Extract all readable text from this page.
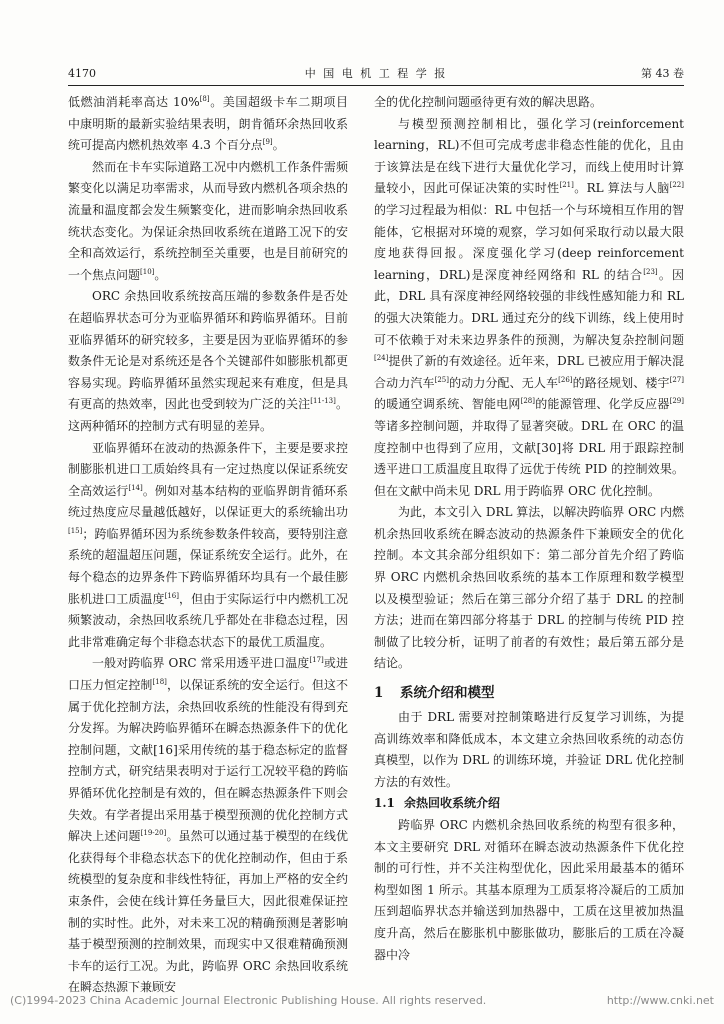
4170	中 国 电 机 工 程 学 报	第 43 卷

低燃油消耗率高达 10%[8]。美国超级卡车二期项目中康明斯的最新实验结果表明，朗肯循环余热回收系统可提高内燃机热效率 4.3 个百分点[9]。

然而在卡车实际道路工况中内燃机工作条件需频繁变化以满足功率需求，从而导致内燃机各项余热的流量和温度都会发生频繁变化，进而影响余热回收系统状态变化。为保证余热回收系统在道路工况下的安全和高效运行，系统控制至关重要，也是目前研究的一个焦点问题[10]。

ORC 余热回收系统按高压端的参数条件是否处在超临界状态可分为亚临界循环和跨临界循环。目前亚临界循环的研究较多，主要是因为亚临界循环的参数条件无论是对系统还是各个关键部件如膨胀机都更容易实现。跨临界循环虽然实现起来有难度，但是具有更高的热效率，因此也受到较为广泛的关注[11-13]。这两种循环的控制方式有明显的差异。

亚临界循环在波动的热源条件下，主要是要求控制膨胀机进口工质始终具有一定过热度以保证系统安全高效运行[14]。例如对基本结构的亚临界朗肯循环系统过热度应尽量越低越好，以保证更大的系统输出功[15]；跨临界循环因为系统参数条件较高，要特别注意系统的超温超压问题，保证系统安全运行。此外，在每个稳态的边界条件下跨临界循环均具有一个最佳膨胀机进口工质温度[16]，但由于实际运行中内燃机工况频繁波动，余热回收系统几乎都处在非稳态过程，因此非常难确定每个非稳态状态下的最优工质温度。

一般对跨临界 ORC 常采用透平进口温度[17]或进口压力恒定控制[18]，以保证系统的安全运行。但这不属于优化控制方法，余热回收系统的性能没有得到充分发挥。为解决跨临界循环在瞬态热源条件下的优化控制问题，文献[16]采用传统的基于稳态标定的监督控制方式，研究结果表明对于运行工况较平稳的跨临界循环优化控制是有效的，但在瞬态热源条件下则会失效。有学者提出采用基于模型预测的优化控制方式解决上述问题[19-20]。虽然可以通过基于模型的在线优化获得每个非稳态状态下的优化控制动作，但由于系统模型的复杂度和非线性特征，再加上严格的安全约束条件，会使在线计算任务量巨大，因此很难保证控制的实时性。此外，对未来工况的精确预测是著影响基于模型预测的控制效果，而现实中又很难精确预测卡车的运行工况。为此，跨临界 ORC 余热回收系统在瞬态热源下兼顾安

全的优化控制问题亟待更有效的解决思路。

与模型预测控制相比，强化学习(reinforcement learning，RL)不但可完成考虑非稳态性能的优化，且由于该算法是在线下进行大量优化学习，而线上使用时计算量较小，因此可保证决策的实时性[21]。RL 算法与人脑[22]的学习过程最为相似：RL 中包括一个与环境相互作用的智能体，它根据对环境的观察，学习如何采取行动以最大限度地获得回报。深度强化学习(deep reinforcement learning，DRL)是深度神经网络和 RL 的结合[23]。因此，DRL 具有深度神经网络较强的非线性感知能力和 RL 的强大决策能力。DRL 通过充分的线下训练，线上使用时可不依赖于对未来边界条件的预测，为解决复杂控制问题[24]提供了新的有效途径。近年来，DRL 已被应用于解决混合动力汽车[25]的动力分配、无人车[26]的路径规划、楼宇[27]的暖通空调系统、智能电网[28]的能源管理、化学反应器[29]等诸多控制问题，并取得了显著突破。DRL 在 ORC 的温度控制中也得到了应用，文献[30]将 DRL 用于跟踪控制透平进口工质温度且取得了远优于传统 PID 的控制效果。但在文献中尚未见 DRL 用于跨临界 ORC 优化控制。

为此，本文引入 DRL 算法，以解决跨临界 ORC 内燃机余热回收系统在瞬态波动的热源条件下兼顾安全的优化控制。本文其余部分组织如下：第二部分首先介绍了跨临界 ORC 内燃机余热回收系统的基本工作原理和数学模型以及模型验证；然后在第三部分介绍了基于 DRL 的控制方法；进而在第四部分将基于 DRL 的控制与传统 PID 控制做了比较分析，证明了前者的有效性；最后第五部分是结论。

1 系统介绍和模型

由于 DRL 需要对控制策略进行反复学习训练，为提高训练效率和降低成本，本文建立余热回收系统的动态仿真模型，以作为 DRL 的训练环境，并验证 DRL 优化控制方法的有效性。

1.1 余热回收系统介绍

跨临界 ORC 内燃机余热回收系统的构型有很多种，本文主要研究 DRL 对循环在瞬态波动热源条件下优化控制的可行性，并不关注构型优化，因此采用最基本的循环构型如图 1 所示。其基本原理为工质泵将冷凝后的工质加压到超临界状态并输送到加热器中，工质在这里被加热温度升高，然后在膨胀机中膨胀做功，膨胀后的工质在冷凝器中冷

(C)1994-2023 China Academic Journal Electronic Publishing House. All rights reserved.	http://www.cnki.net
